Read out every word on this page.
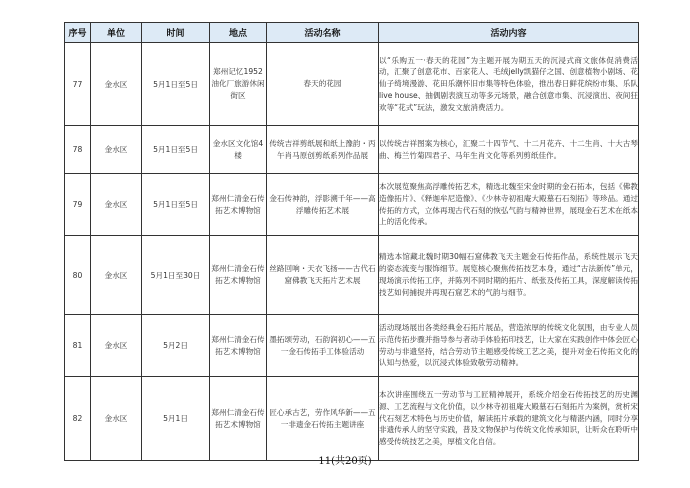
序号	单位	时间	地点	活动名称	活动内容
77	金水区	5月1日至5日	郑州记忆1952油化厂旅游休闲街区	春天的花园	以“乐购五一·春天的花园”为主题开展为期五天的沉浸式商文旅体促消费活动，汇聚了创意花市、百家花人、毛绒jelly凯猫仔之国、创意植物小剧场、花仙子绮境漫游、花田乐潮怀旧市集等特色体验，推出春日鲜花缤纷市集、乐队live house、抽偶剧表演互动等多元场景，融合创意市集、沉浸演出、夜间狂欢等“花式”玩法，激发文旅消费活力。
78	金水区	5月1日至5日	金水区文化馆4楼	传统吉祥剪纸展和纸上豫韵・丙午肖马原创剪纸系列作品展	以传统吉祥图案为核心，汇聚二十四节气、十二月花卉、十二生肖、十大古琴曲、梅兰竹菊四君子、马年生肖文化等系列剪纸佳作。
79	金水区	5月1日至5日	郑州仁清金石传拓艺术博物馆	金石传神韵，浮影溯千年——高浮雕传拓艺术展	本次展览聚焦高浮雕传拓艺术，精选北魏至宋金时期的金石拓本，包括《佛教造像拓片》、《释迦牟尼造像》、《少林寺初祖庵大殿墓石石刻拓》等珍品。通过传拓的方式，立体再现古代石刻的恢弘气韵与精神世界，展现金石艺术在纸本上的活化传承。
80	金水区	5月1日至30日	郑州仁清金石传拓艺术博物馆	丝路回响・天衣飞扬——古代石窟佛教飞天拓片艺术展	精选本馆藏北魏时期30幅石窟佛教飞天主题金石传拓作品，系统性展示飞天的姿态流变与服饰细节。展览核心聚焦传拓技艺本身，通过“古法新传”单元，现场演示传拓工序，并陈列不同时期的拓片、纸张及传拓工具，深度解读传拓技艺如何捕捉并再现石窟艺术的气韵与细节。
81	金水区	5月2日	郑州仁清金石传拓艺术博物馆	墨拓颂劳动，石韵润初心——五一金石传拓手工体验活动	活动现场展出各类经典金石拓片展品，营造浓厚的传统文化氛围，由专业人员示范传拓步骤并指导参与者动手体验拓印技艺，让大家在实践创作中体会匠心劳动与非遗坚持，结合劳动节主题感受传统工艺之美，提升对金石传拓文化的认知与热爱，以沉浸式体验致敬劳动精神。
82	金水区	5月1日	郑州仁清金石传拓艺术博物馆	匠心承古艺，劳作风华新——五一非遗金石传拓主题讲座	本次讲座围绕五一劳动节与工匠精神展开，系统介绍金石传拓技艺的历史渊源、工艺流程与文化价值，以少林寺初祖庵大殿墓石石刻拓片为案例，赏析宋代石刻艺术特色与历史价值，解读拓片承载的建筑文化与精湛内涵，同时分享非遗传承人的坚守实践，普及文物保护与传统文化传承知识，让听众在聆听中感受传统技艺之美，厚植文化自信。
11(共20页)
